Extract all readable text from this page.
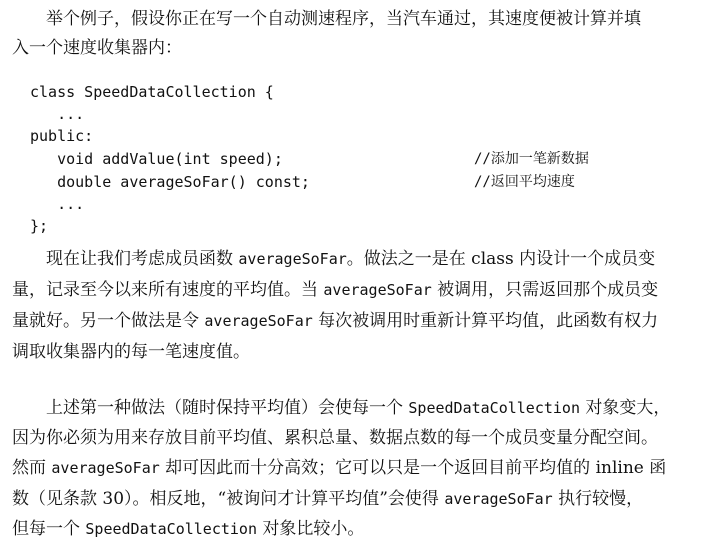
举个例子，假设你正在写一个自动测速程序，当汽车通过，其速度便被计算并填
入一个速度收集器内：
class SpeedDataCollection {
...
public:
void addValue(int speed);	//添加一笔新数据
double averageSoFar() const;	//返回平均速度
...
};
现在让我们考虑成员函数 averageSoFar。做法之一是在 class 内设计一个成员变
量，记录至今以来所有速度的平均值。当 averageSoFar 被调用，只需返回那个成员变
量就好。另一个做法是令 averageSoFar 每次被调用时重新计算平均值，此函数有权力
调取收集器内的每一笔速度值。
上述第一种做法（随时保持平均值）会使每一个 SpeedDataCollection 对象变大，
因为你必须为用来存放目前平均值、累积总量、数据点数的每一个成员变量分配空间。
然而 averageSoFar 却可因此而十分高效；它可以只是一个返回目前平均值的 inline 函
数（见条款 30）。相反地，“被询问才计算平均值”会使得 averageSoFar 执行较慢，
但每一个 SpeedDataCollection 对象比较小。
